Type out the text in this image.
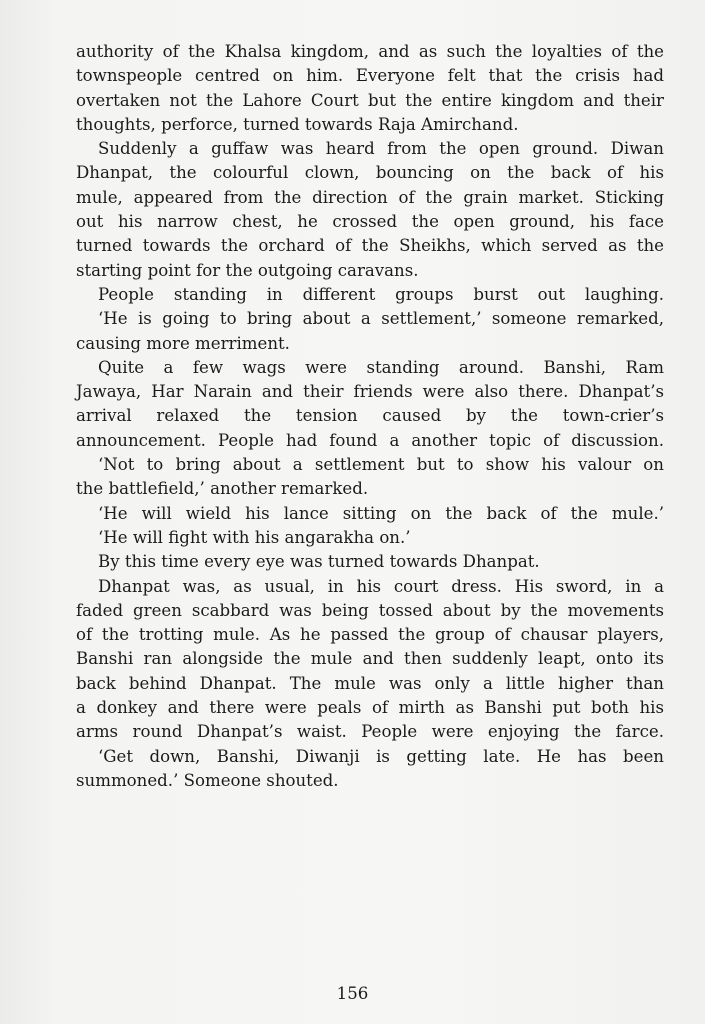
authority of the Khalsa kingdom, and as such the loyalties of the
townspeople centred on him. Everyone felt that the crisis had
overtaken not the Lahore Court but the entire kingdom and their
thoughts, perforce, turned towards Raja Amirchand.
Suddenly a guffaw was heard from the open ground. Diwan
Dhanpat, the colourful clown, bouncing on the back of his
mule, appeared from the direction of the grain market. Sticking
out his narrow chest, he crossed the open ground, his face
turned towards the orchard of the Sheikhs, which served as the
starting point for the outgoing caravans.
People standing in different groups burst out laughing.
‘He is going to bring about a settlement,’ someone remarked,
causing more merriment.
Quite a few wags were standing around. Banshi, Ram
Jawaya, Har Narain and their friends were also there. Dhanpat’s
arrival relaxed the tension caused by the town-crier’s
announcement. People had found a another topic of discussion.
‘Not to bring about a settlement but to show his valour on
the battlefield,’ another remarked.
‘He will wield his lance sitting on the back of the mule.’
‘He will fight with his angarakha on.’
By this time every eye was turned towards Dhanpat.
Dhanpat was, as usual, in his court dress. His sword, in a
faded green scabbard was being tossed about by the movements
of the trotting mule. As he passed the group of chausar players,
Banshi ran alongside the mule and then suddenly leapt, onto its
back behind Dhanpat. The mule was only a little higher than
a donkey and there were peals of mirth as Banshi put both his
arms round Dhanpat’s waist. People were enjoying the farce.
‘Get down, Banshi, Diwanji is getting late. He has been
summoned.’ Someone shouted.
156
